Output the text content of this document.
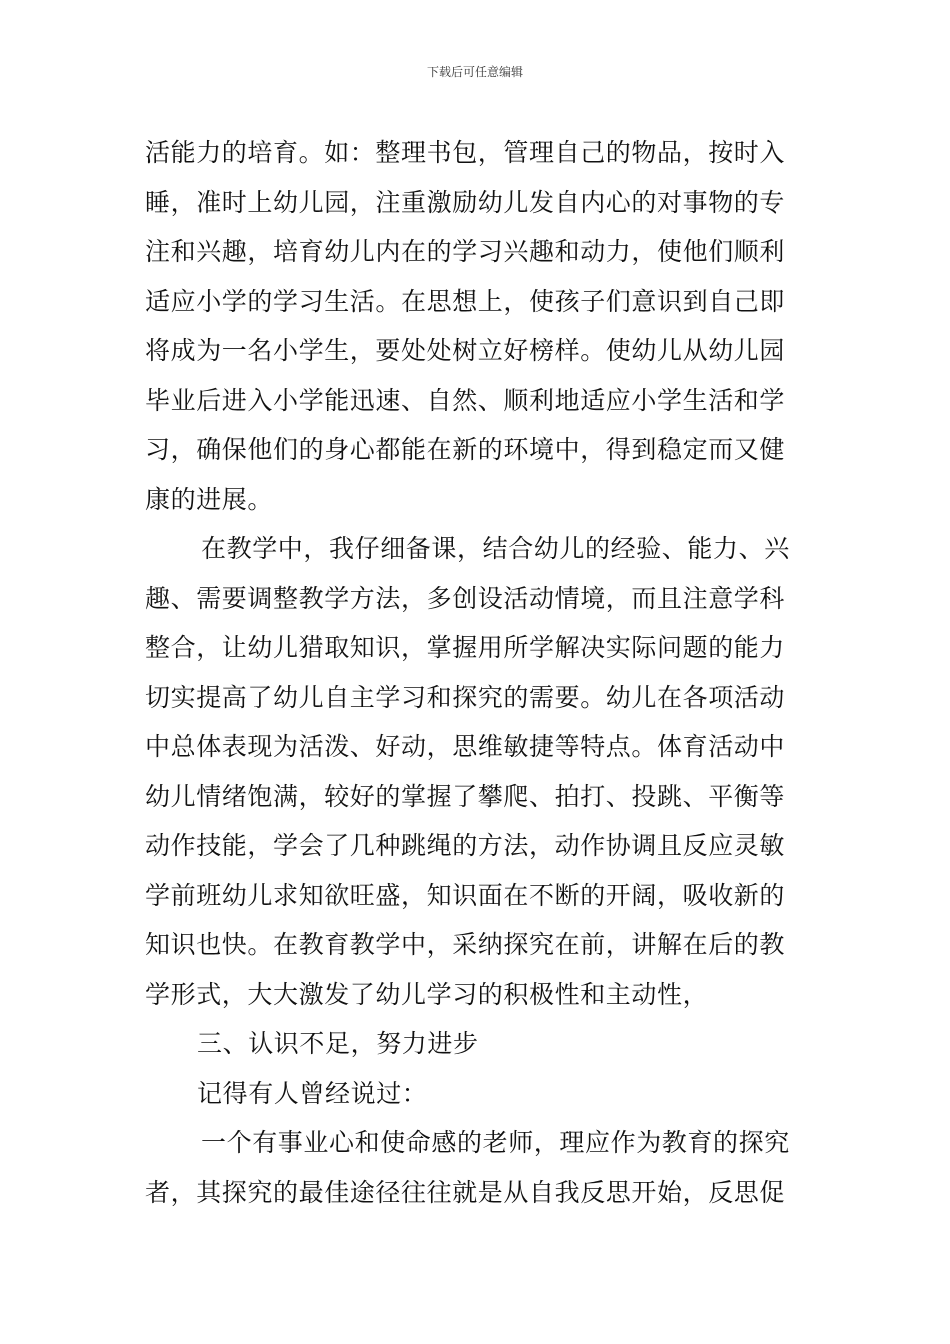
下载后可任意编辑
活能力的培育。如：整理书包，管理自己的物品，按时入
睡，准时上幼儿园，注重激励幼儿发自内心的对事物的专
注和兴趣，培育幼儿内在的学习兴趣和动力，使他们顺利
适应小学的学习生活。在思想上，使孩子们意识到自己即
将成为一名小学生，要处处树立好榜样。使幼儿从幼儿园
毕业后进入小学能迅速、自然、顺利地适应小学生活和学
习，确保他们的身心都能在新的环境中，得到稳定而又健
康的进展。
在教学中，我仔细备课，结合幼儿的经验、能力、兴
趣、需要调整教学方法，多创设活动情境，而且注意学科
整合，让幼儿猎取知识，掌握用所学解决实际问题的能力
切实提高了幼儿自主学习和探究的需要。幼儿在各项活动
中总体表现为活泼、好动，思维敏捷等特点。体育活动中
幼儿情绪饱满，较好的掌握了攀爬、拍打、投跳、平衡等
动作技能，学会了几种跳绳的方法，动作协调且反应灵敏
学前班幼儿求知欲旺盛，知识面在不断的开阔，吸收新的
知识也快。在教育教学中，采纳探究在前，讲解在后的教
学形式，大大激发了幼儿学习的积极性和主动性，
三、认识不足，努力进步
记得有人曾经说过：
一个有事业心和使命感的老师，理应作为教育的探究
者，其探究的最佳途径往往就是从自我反思开始，反思促
